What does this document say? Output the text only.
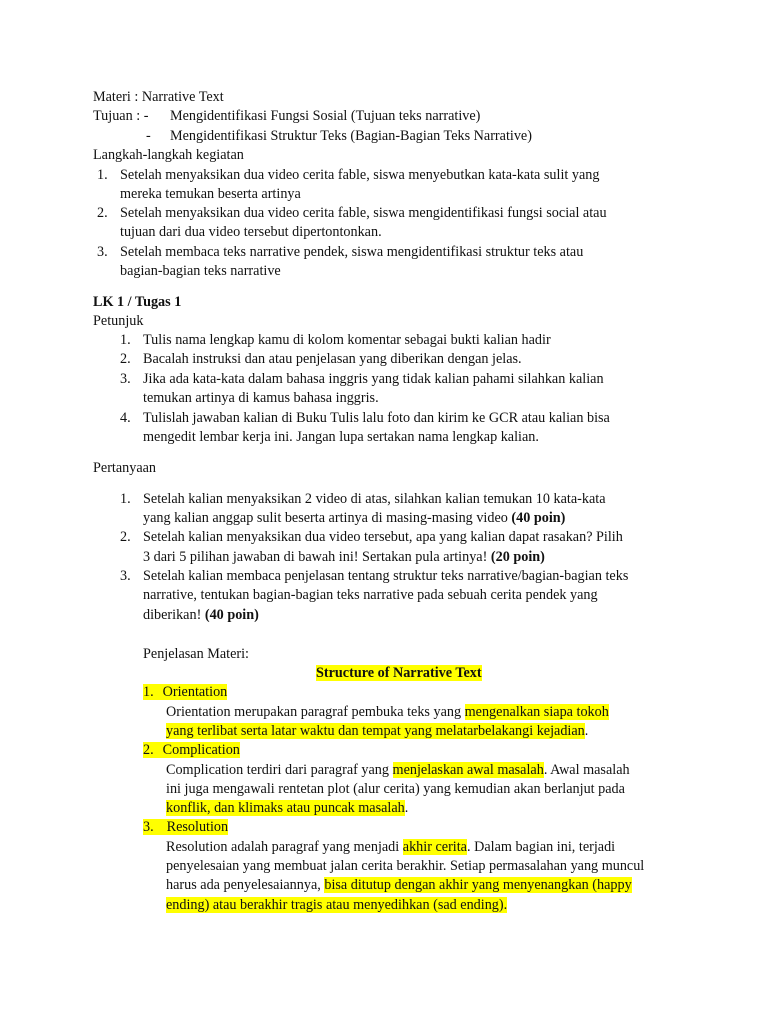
Materi : Narrative Text
Tujuan : - Mengidentifikasi Fungsi Sosial (Tujuan teks narrative)
- Mengidentifikasi Struktur Teks (Bagian-Bagian Teks Narrative)
Langkah-langkah kegiatan
1. Setelah menyaksikan dua video cerita fable, siswa menyebutkan kata-kata sulit yang
mereka temukan beserta artinya
2. Setelah menyaksikan dua video cerita fable, siswa mengidentifikasi fungsi social atau
tujuan dari dua video tersebut dipertontonkan.
3. Setelah membaca teks narrative pendek, siswa mengidentifikasi struktur teks atau
bagian-bagian teks narrative
LK 1 / Tugas 1
Petunjuk
1. Tulis nama lengkap kamu di kolom komentar sebagai bukti kalian hadir
2. Bacalah instruksi dan atau penjelasan yang diberikan dengan jelas.
3. Jika ada kata-kata dalam bahasa inggris yang tidak kalian pahami silahkan kalian
temukan artinya di kamus bahasa inggris.
4. Tulislah jawaban kalian di Buku Tulis lalu foto dan kirim ke GCR atau kalian bisa
mengedit lembar kerja ini. Jangan lupa sertakan nama lengkap kalian.
Pertanyaan
1. Setelah kalian menyaksikan 2 video di atas, silahkan kalian temukan 10 kata-kata
yang kalian anggap sulit beserta artinya di masing-masing video (40 poin)
2. Setelah kalian menyaksikan dua video tersebut, apa yang kalian dapat rasakan? Pilih
3 dari 5 pilihan jawaban di bawah ini! Sertakan pula artinya! (20 poin)
3. Setelah kalian membaca penjelasan tentang struktur teks narrative/bagian-bagian teks
narrative, tentukan bagian-bagian teks narrative pada sebuah cerita pendek yang
diberikan! (40 poin)
Penjelasan Materi:
Structure of Narrative Text
1. Orientation
Orientation merupakan paragraf pembuka teks yang mengenalkan siapa tokoh
yang terlibat serta latar waktu dan tempat yang melatarbelakangi kejadian.
2. Complication
Complication terdiri dari paragraf yang menjelaskan awal masalah. Awal masalah
ini juga mengawali rentetan plot (alur cerita) yang kemudian akan berlanjut pada
konflik, dan klimaks atau puncak masalah.
3. Resolution
Resolution adalah paragraf yang menjadi akhir cerita. Dalam bagian ini, terjadi
penyelesaian yang membuat jalan cerita berakhir. Setiap permasalahan yang muncul
harus ada penyelesaiannya, bisa ditutup dengan akhir yang menyenangkan (happy
ending) atau berakhir tragis atau menyedihkan (sad ending).
